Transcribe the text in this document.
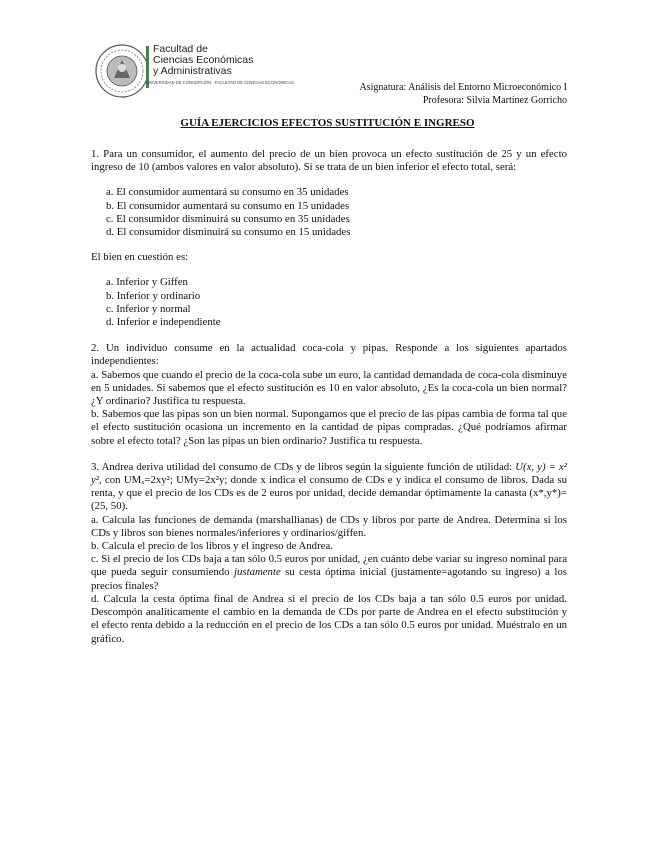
Facultad de
Ciencias Económicas
y Administrativas
UNIVERSIDAD DE CONCEPCIÓN · FACULTAD DE CIENCIAS ECONÓMICAS	Asignatura: Análisis del Entorno Microeconómico I
Profesora: Silvia Martínez Gorricho
GUÍA EJERCICIOS EFECTOS SUSTITUCIÓN E INGRESO

1. Para un consumidor, el aumento del precio de un bien provoca un efecto sustitución de 25 y un efecto ingreso de 10 (ambos valores en valor absoluto). Si se trata de un bien inferior el efecto total, será:

a. El consumidor aumentará su consumo en 35 unidades

b. El consumidor aumentará su consumo en 15 unidades

c. El consumidor disminuirá su consumo en 35 unidades

d. El consumidor disminuirá su consumo en 15 unidades

El bien en cuestión es:

a. Inferior y Giffen

b. Inferior y ordinario

c. Inferior y normal

d. Inferior e independiente

2. Un individuo consume en la actualidad coca-cola y pipas. Responde a los siguientes apartados independientes:

a. Sabemos que cuando el precio de la coca-cola sube un euro, la cantidad demandada de coca-cola disminuye en 5 unidades. Si sabemos que el efecto sustitución es 10 en valor absoluto, ¿Es la coca-cola un bien normal? ¿Y ordinario? Justifica tu respuesta.

b. Sabemos que las pipas son un bien normal. Supongamos que el precio de las pipas cambia de forma tal que el efecto sustitución ocasiona un incremento en la cantidad de pipas compradas. ¿Qué podríamos afirmar sobre el efecto total? ¿Son las pipas un bien ordinario? Justifica tu respuesta.

3. Andrea deriva utilidad del consumo de CDs y de libros según la siguiente función de utilidad: U(x, y) = x² y², con UMₓ=2xy²; UMy=2x²y; donde x indica el consumo de CDs e y indica el consumo de libros. Dada su renta, y que el precio de los CDs es de 2 euros por unidad, decide demandar óptimamente la canasta (x*,y*)= (25, 50).

a. Calcula las funciones de demanda (marshallianas) de CDs y libros por parte de Andrea. Determina si los CDs y libros son bienes normales/inferiores y ordinarios/giffen.

b. Calcula el precio de los libros y el ingreso de Andrea.

c. Si el precio de los CDs baja a tan sólo 0.5 euros por unidad, ¿en cuánto debe variar su ingreso nominal para que pueda seguir consumiendo justamente su cesta óptima inicial (justamente=agotando su ingreso) a los precios finales?

d. Calcula la cesta óptima final de Andrea si el precio de los CDs baja a tan sólo 0.5 euros por unidad. Descompón analíticamente el cambio en la demanda de CDs por parte de Andrea en el efecto substitución y el efecto renta debido a la reducción en el precio de los CDs a tan sólo 0.5 euros por unidad. Muéstralo en un gráfico.
